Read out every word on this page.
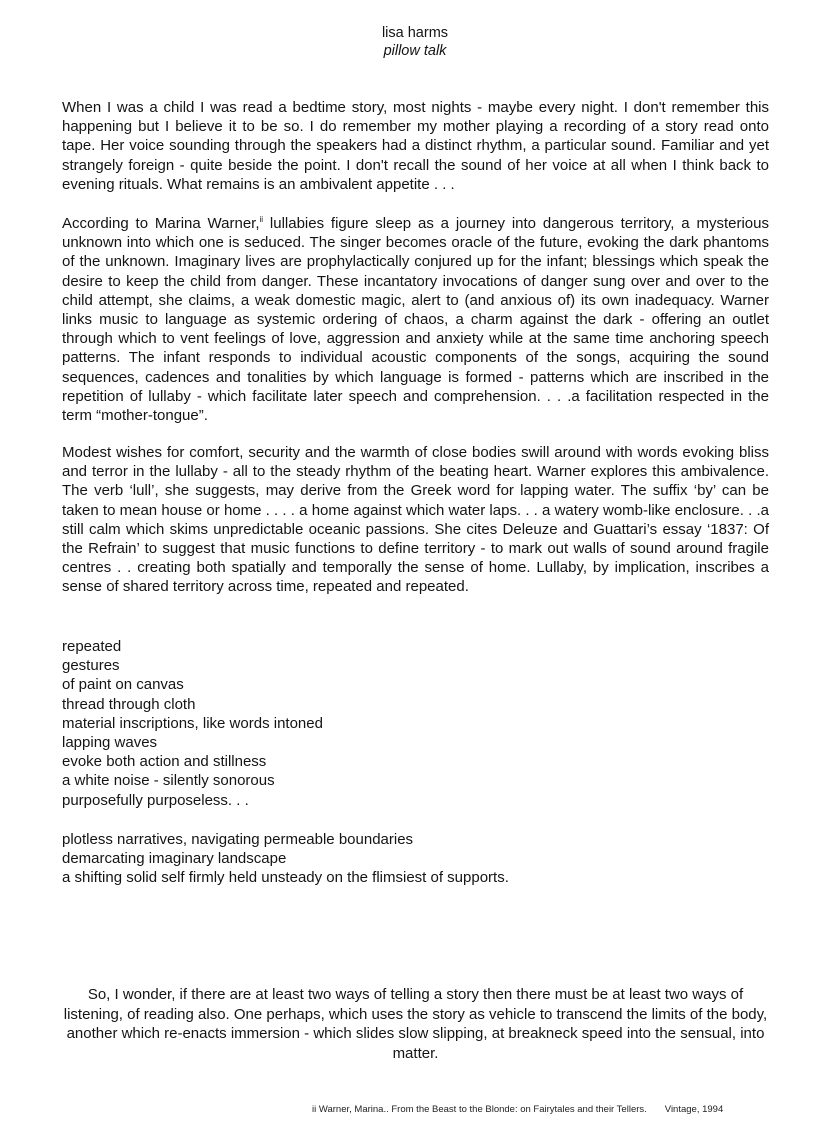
lisa harms
pillow talk

When I was a child I was read a bedtime story, most nights - maybe every night. I don't remember this happening but I believe it to be so. I do remember my mother playing a recording of a story read onto tape. Her voice sounding through the speakers had a distinct rhythm, a particular sound. Familiar and yet strangely foreign - quite beside the point. I don't recall the sound of her voice at all when I think back to evening rituals. What remains is an ambivalent appetite . . .

According to Marina Warner,$^{ii}$ lullabies figure sleep as a journey into dangerous territory, a mysterious unknown into which one is seduced. The singer becomes oracle of the future, evoking the dark phantoms of the unknown. Imaginary lives are prophylactically conjured up for the infant; blessings which speak the desire to keep the child from danger. These incantatory invocations of danger sung over and over to the child attempt, she claims, a weak domestic magic, alert to (and anxious of) its own inadequacy. Warner links music to language as systemic ordering of chaos, a charm against the dark - offering an outlet through which to vent feelings of love, aggression and anxiety while at the same time anchoring speech patterns. The infant responds to individual acoustic components of the songs, acquiring the sound sequences, cadences and tonalities by which language is formed - patterns which are inscribed in the repetition of lullaby - which facilitate later speech and comprehension. . . .a facilitation respected in the term “mother-tongue”.

Modest wishes for comfort, security and the warmth of close bodies swill around with words evoking bliss and terror in the lullaby - all to the steady rhythm of the beating heart. Warner explores this ambivalence. The verb ‘lull’, she suggests, may derive from the Greek word for lapping water. The suffix ‘by’ can be taken to mean house or home . . . . a home against which water laps. . . a watery womb-like enclosure. . .a still calm which skims unpredictable oceanic passions. She cites Deleuze and Guattari’s essay ‘1837: Of the Refrain’ to suggest that music functions to define territory - to mark out walls of sound around fragile centres . . creating both spatially and temporally the sense of home. Lullaby, by implication, inscribes a sense of shared territory across time, repeated and repeated.

repeated
gestures
of paint on canvas
thread through cloth
material inscriptions, like words intoned
lapping waves
evoke both action and stillness
a white noise - silently sonorous
purposefully purposeless. . .
plotless narratives, navigating permeable boundaries
demarcating imaginary landscape
a shifting solid self firmly held unsteady on the flimsiest of supports.

So, I wonder, if there are at least two ways of telling a story then there must be at least two ways of listening, of reading also. One perhaps, which uses the story as vehicle to transcend the limits of the body, another which re-enacts immersion - which slides slow slipping, at breakneck speed into the sensual, into matter.

ii Warner, Marina.. From the Beast to the Blonde: on Fairytales and their Tellers. Vintage, 1994
